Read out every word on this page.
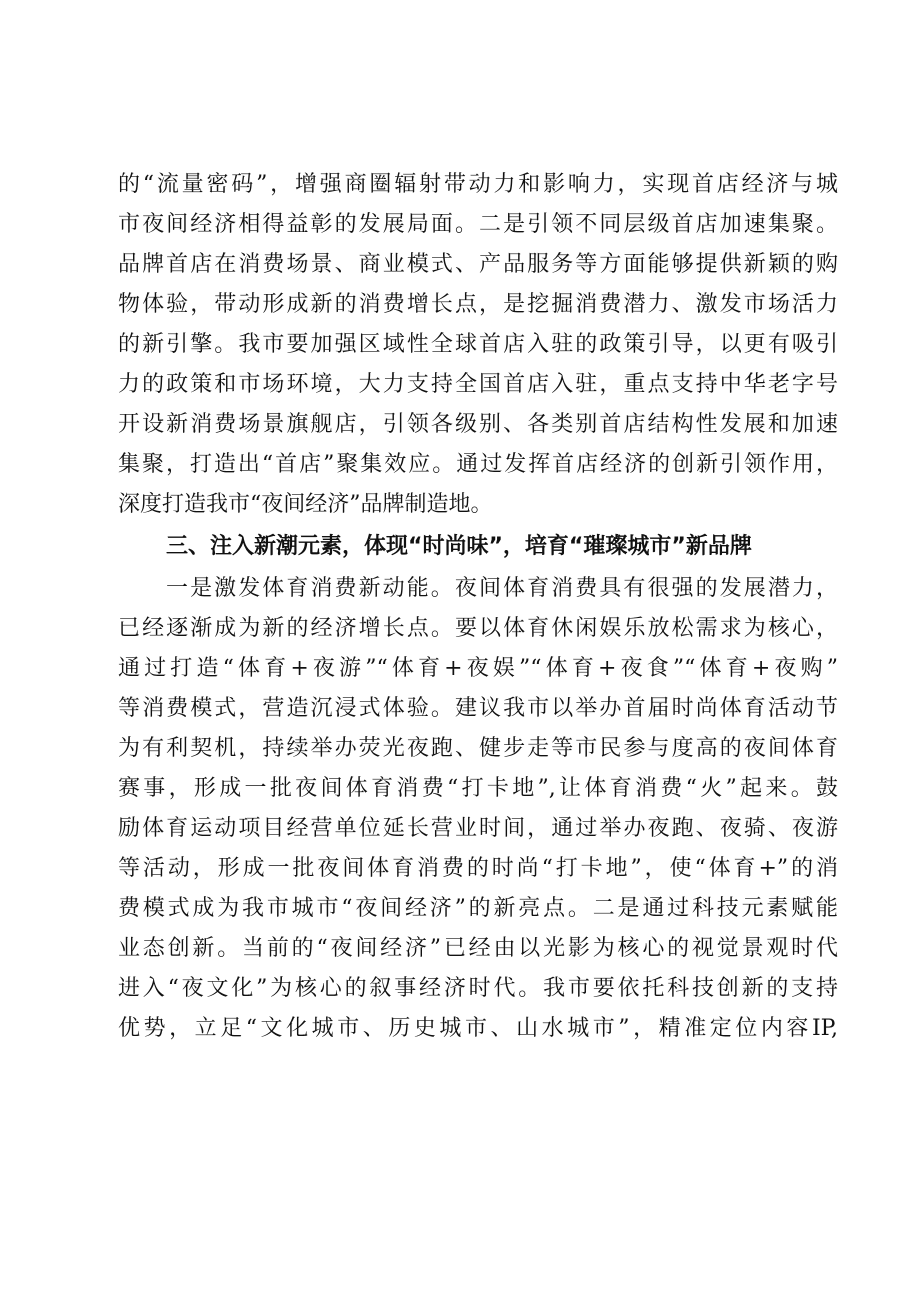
的“流量密码”，增强商圈辐射带动力和影响力，实现首店经济与城
市夜间经济相得益彰的发展局面。二是引领不同层级首店加速集聚。
品牌首店在消费场景、商业模式、产品服务等方面能够提供新颖的购
物体验，带动形成新的消费增长点，是挖掘消费潜力、激发市场活力
的新引擎。我市要加强区域性全球首店入驻的政策引导，以更有吸引
力的政策和市场环境，大力支持全国首店入驻，重点支持中华老字号
开设新消费场景旗舰店，引领各级别、各类别首店结构性发展和加速
集聚，打造出“首店”聚集效应。通过发挥首店经济的创新引领作用，
深度打造我市“夜间经济”品牌制造地。
三、注入新潮元素，体现“时尚味”，培育“璀璨城市”新品牌
一是激发体育消费新动能。夜间体育消费具有很强的发展潜力，
已经逐渐成为新的经济增长点。要以体育休闲娱乐放松需求为核心，
通过打造“体育+夜游”“体育+夜娱”“体育+夜食”“体育+夜购”
等消费模式，营造沉浸式体验。建议我市以举办首届时尚体育活动节
为有利契机，持续举办荧光夜跑、健步走等市民参与度高的夜间体育
赛事，形成一批夜间体育消费“打卡地”,让体育消费“火”起来。鼓
励体育运动项目经营单位延长营业时间，通过举办夜跑、夜骑、夜游
等活动，形成一批夜间体育消费的时尚“打卡地”，使“体育+”的消
费模式成为我市城市“夜间经济”的新亮点。二是通过科技元素赋能
业态创新。当前的“夜间经济”已经由以光影为核心的视觉景观时代
进入“夜文化”为核心的叙事经济时代。我市要依托科技创新的支持
优势，立足“文化城市、历史城市、山水城市”，精准定位内容IP,
